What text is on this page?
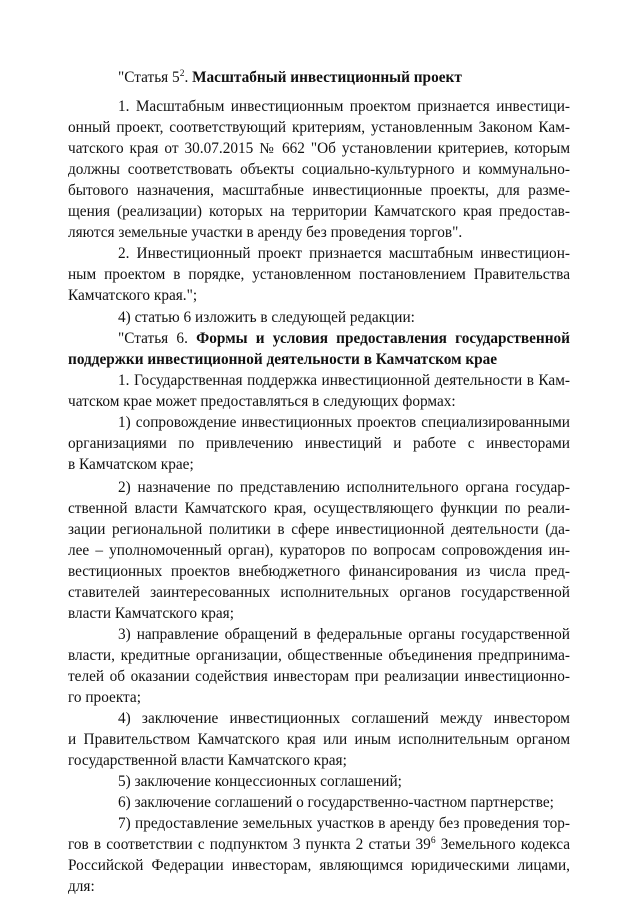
"Статья $5^2$. Масштабный инвестиционный проект
1. Масштабным инвестиционным проектом признается инвестици-
онный проект, соответствующий критериям, установленным Законом Кам-
чатского края от 30.07.2015 № 662 "Об установлении критериев, которым
должны соответствовать объекты социально-культурного и коммунально-
бытового назначения, масштабные инвестиционные проекты, для разме-
щения (реализации) которых на территории Камчатского края предостав-
ляются земельные участки в аренду без проведения торгов".
2. Инвестиционный проект признается масштабным инвестицион-
ным проектом в порядке, установленном постановлением Правительства
Камчатского края.";
4) статью 6 изложить в следующей редакции:
"Статья 6. Формы и условия предоставления государственной
поддержки инвестиционной деятельности в Камчатском крае
1. Государственная поддержка инвестиционной деятельности в Кам-
чатском крае может предоставляться в следующих формах:
1) сопровождение инвестиционных проектов специализированными
организациями по привлечению инвестиций и работе с инвесторами
в Камчатском крае;
2) назначение по представлению исполнительного органа государ-
ственной власти Камчатского края, осуществляющего функции по реали-
зации региональной политики в сфере инвестиционной деятельности (да-
лее – уполномоченный орган), кураторов по вопросам сопровождения ин-
вестиционных проектов внебюджетного финансирования из числа пред-
ставителей заинтересованных исполнительных органов государственной
власти Камчатского края;
3) направление обращений в федеральные органы государственной
власти, кредитные организации, общественные объединения предпринима-
телей об оказании содействия инвесторам при реализации инвестиционно-
го проекта;
4) заключение инвестиционных соглашений между инвестором
и Правительством Камчатского края или иным исполнительным органом
государственной власти Камчатского края;
5) заключение концессионных соглашений;
6) заключение соглашений о государственно-частном партнерстве;
7) предоставление земельных участков в аренду без проведения тор-
гов в соответствии с подпунктом 3 пункта 2 статьи $39^6$ Земельного кодекса
Российской Федерации инвесторам, являющимся юридическими лицами,
для:
